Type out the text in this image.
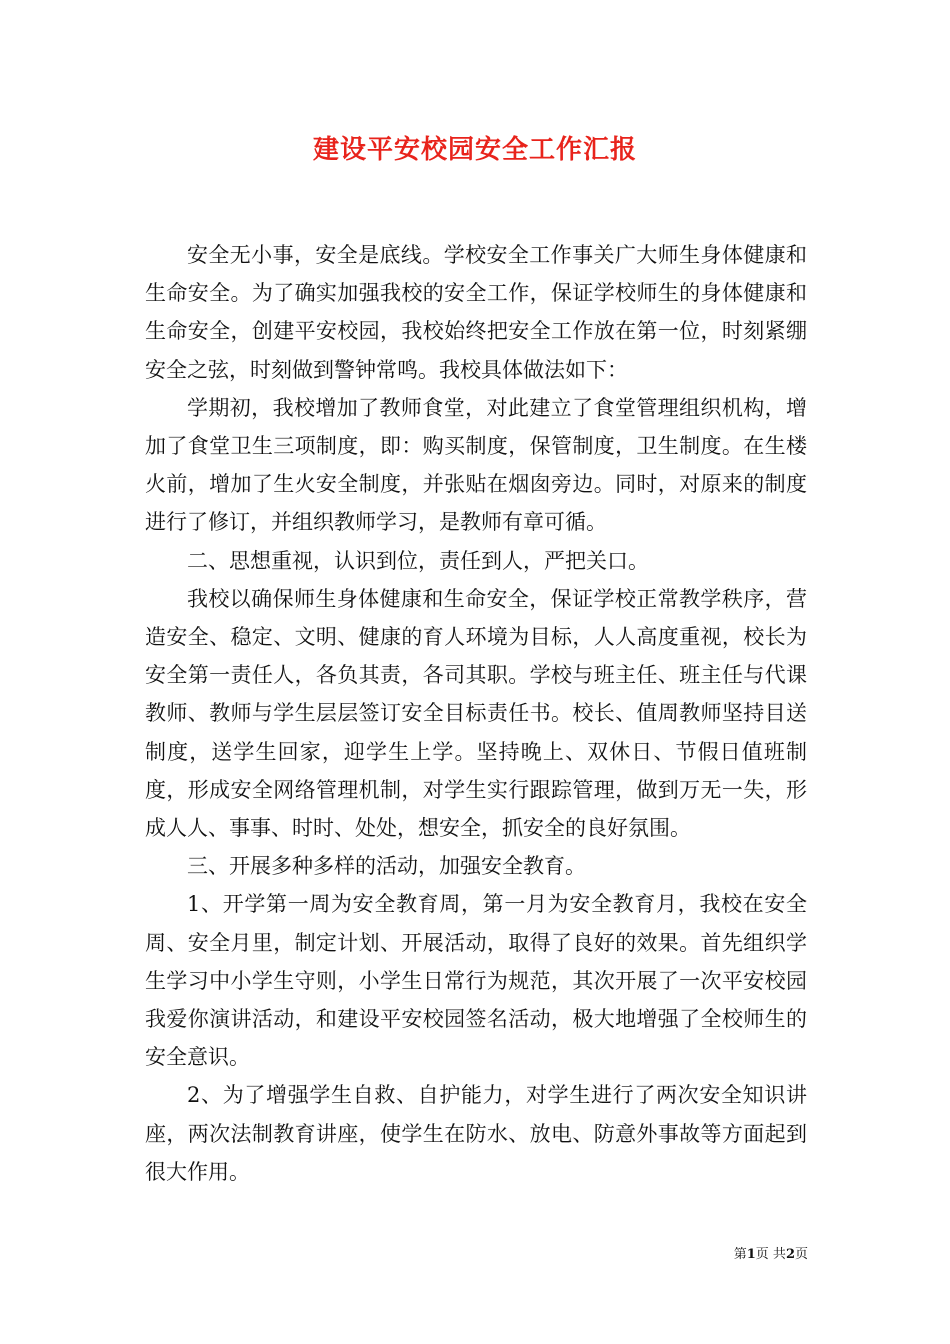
建设平安校园安全工作汇报

安全无小事，安全是底线。学校安全工作事关广大师生身体健康和生命安全。为了确实加强我校的安全工作，保证学校师生的身体健康和生命安全，创建平安校园，我校始终把安全工作放在第一位，时刻紧绷安全之弦，时刻做到警钟常鸣。我校具体做法如下：

学期初，我校增加了教师食堂，对此建立了食堂管理组织机构，增加了食堂卫生三项制度，即：购买制度，保管制度，卫生制度。在生楼火前，增加了生火安全制度，并张贴在烟囱旁边。同时，对原来的制度进行了修订，并组织教师学习，是教师有章可循。

二、思想重视，认识到位，责任到人，严把关口。

我校以确保师生身体健康和生命安全，保证学校正常教学秩序，营造安全、稳定、文明、健康的育人环境为目标，人人高度重视，校长为安全第一责任人，各负其责，各司其职。学校与班主任、班主任与代课教师、教师与学生层层签订安全目标责任书。校长、值周教师坚持目送制度，送学生回家，迎学生上学。坚持晚上、双休日、节假日值班制度，形成安全网络管理机制，对学生实行跟踪管理，做到万无一失，形成人人、事事、时时、处处，想安全，抓安全的良好氛围。

三、开展多种多样的活动，加强安全教育。

1、开学第一周为安全教育周，第一月为安全教育月，我校在安全周、安全月里，制定计划、开展活动，取得了良好的效果。首先组织学生学习中小学生守则，小学生日常行为规范，其次开展了一次平安校园我爱你演讲活动，和建设平安校园签名活动，极大地增强了全校师生的安全意识。

2、为了增强学生自救、自护能力，对学生进行了两次安全知识讲座，两次法制教育讲座，使学生在防水、放电、防意外事故等方面起到很大作用。

第1页 共2页
